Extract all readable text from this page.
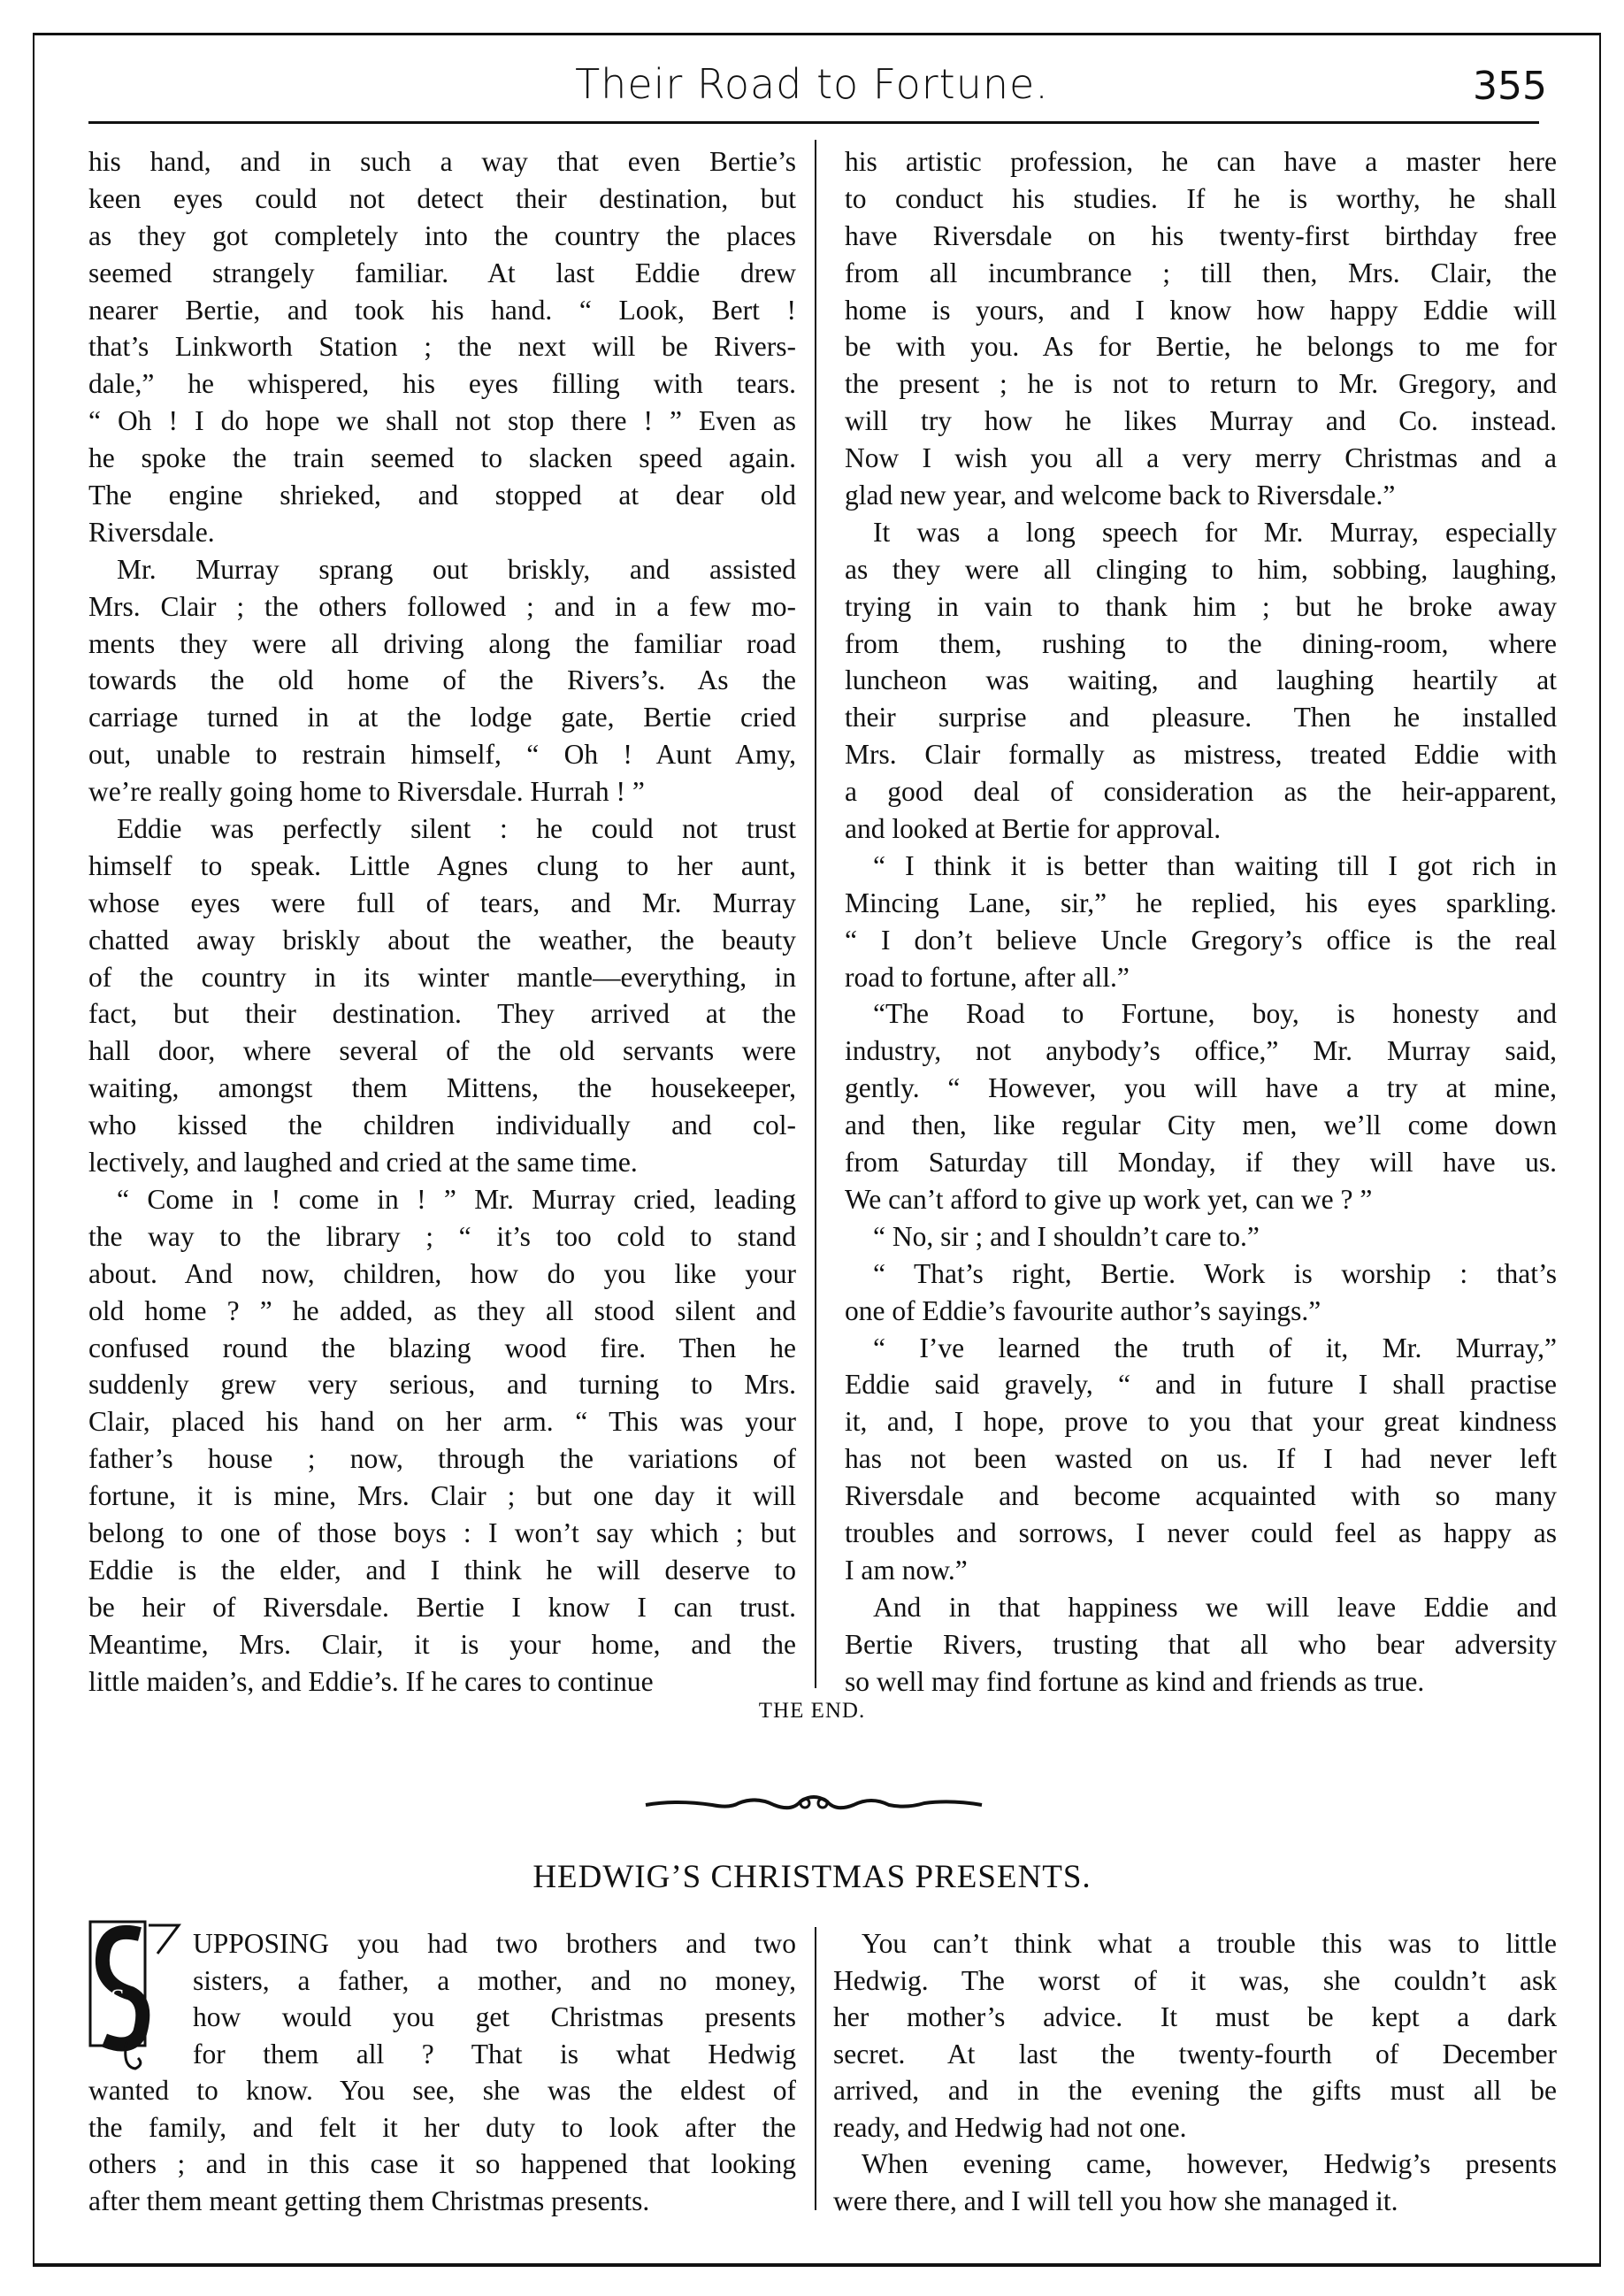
Their Road to Fortune.	355
his hand, and in such a way that even Bertie’s
keen eyes could not detect their destination, but
as they got completely into the country the places
seemed strangely familiar. At last Eddie drew
nearer Bertie, and took his hand. “ Look, Bert !
that’s Linkworth Station ; the next will be Rivers-
dale,” he whispered, his eyes filling with tears.
“ Oh ! I do hope we shall not stop there ! ” Even as
he spoke the train seemed to slacken speed again.
The engine shrieked, and stopped at dear old
Riversdale.
Mr. Murray sprang out briskly, and assisted
Mrs. Clair ; the others followed ; and in a few mo-
ments they were all driving along the familiar road
towards the old home of the Rivers’s. As the
carriage turned in at the lodge gate, Bertie cried
out, unable to restrain himself, “ Oh ! Aunt Amy,
we’re really going home to Riversdale. Hurrah ! ”
Eddie was perfectly silent : he could not trust
himself to speak. Little Agnes clung to her aunt,
whose eyes were full of tears, and Mr. Murray
chatted away briskly about the weather, the beauty
of the country in its winter mantle—everything, in
fact, but their destination. They arrived at the
hall door, where several of the old servants were
waiting, amongst them Mittens, the housekeeper,
who kissed the children individually and col-
lectively, and laughed and cried at the same time.
“ Come in ! come in ! ” Mr. Murray cried, leading
the way to the library ; “ it’s too cold to stand
about. And now, children, how do you like your
old home ? ” he added, as they all stood silent and
confused round the blazing wood fire. Then he
suddenly grew very serious, and turning to Mrs.
Clair, placed his hand on her arm. “ This was your
father’s house ; now, through the variations of
fortune, it is mine, Mrs. Clair ; but one day it will
belong to one of those boys : I won’t say which ; but
Eddie is the elder, and I think he will deserve to
be heir of Riversdale. Bertie I know I can trust.
Meantime, Mrs. Clair, it is your home, and the
little maiden’s, and Eddie’s. If he cares to continue
his artistic profession, he can have a master here
to conduct his studies. If he is worthy, he shall
have Riversdale on his twenty-first birthday free
from all incumbrance ; till then, Mrs. Clair, the
home is yours, and I know how happy Eddie will
be with you. As for Bertie, he belongs to me for
the present ; he is not to return to Mr. Gregory, and
will try how he likes Murray and Co. instead.
Now I wish you all a very merry Christmas and a
glad new year, and welcome back to Riversdale.”
It was a long speech for Mr. Murray, especially
as they were all clinging to him, sobbing, laughing,
trying in vain to thank him ; but he broke away
from them, rushing to the dining-room, where
luncheon was waiting, and laughing heartily at
their surprise and pleasure. Then he installed
Mrs. Clair formally as mistress, treated Eddie with
a good deal of consideration as the heir-apparent,
and looked at Bertie for approval.
“ I think it is better than waiting till I got rich in
Mincing Lane, sir,” he replied, his eyes sparkling.
“ I don’t believe Uncle Gregory’s office is the real
road to fortune, after all.”
“The Road to Fortune, boy, is honesty and
industry, not anybody’s office,” Mr. Murray said,
gently. “ However, you will have a try at mine,
and then, like regular City men, we’ll come down
from Saturday till Monday, if they will have us.
We can’t afford to give up work yet, can we ? ”
“ No, sir ; and I shouldn’t care to.”
“ That’s right, Bertie. Work is worship : that’s
one of Eddie’s favourite author’s sayings.”
“ I’ve learned the truth of it, Mr. Murray,”
Eddie said gravely, “ and in future I shall practise
it, and, I hope, prove to you that your great kindness
has not been wasted on us. If I had never left
Riversdale and become acquainted with so many
troubles and sorrows, I never could feel as happy as
I am now.”
And in that happiness we will leave Eddie and
Bertie Rivers, trusting that all who bear adversity
so well may find fortune as kind and friends as true.
THE END.
HEDWIG’S CHRISTMAS PRESENTS.
S
UPPOSING you had two brothers and two
sisters, a father, a mother, and no money,
how would you get Christmas presents
for them all ? That is what Hedwig
wanted to know. You see, she was the eldest of
the family, and felt it her duty to look after the
others ; and in this case it so happened that looking
after them meant getting them Christmas presents.
You can’t think what a trouble this was to little
Hedwig. The worst of it was, she couldn’t ask
her mother’s advice. It must be kept a dark
secret. At last the twenty-fourth of December
arrived, and in the evening the gifts must all be
ready, and Hedwig had not one.
When evening came, however, Hedwig’s presents
were there, and I will tell you how she managed it.
